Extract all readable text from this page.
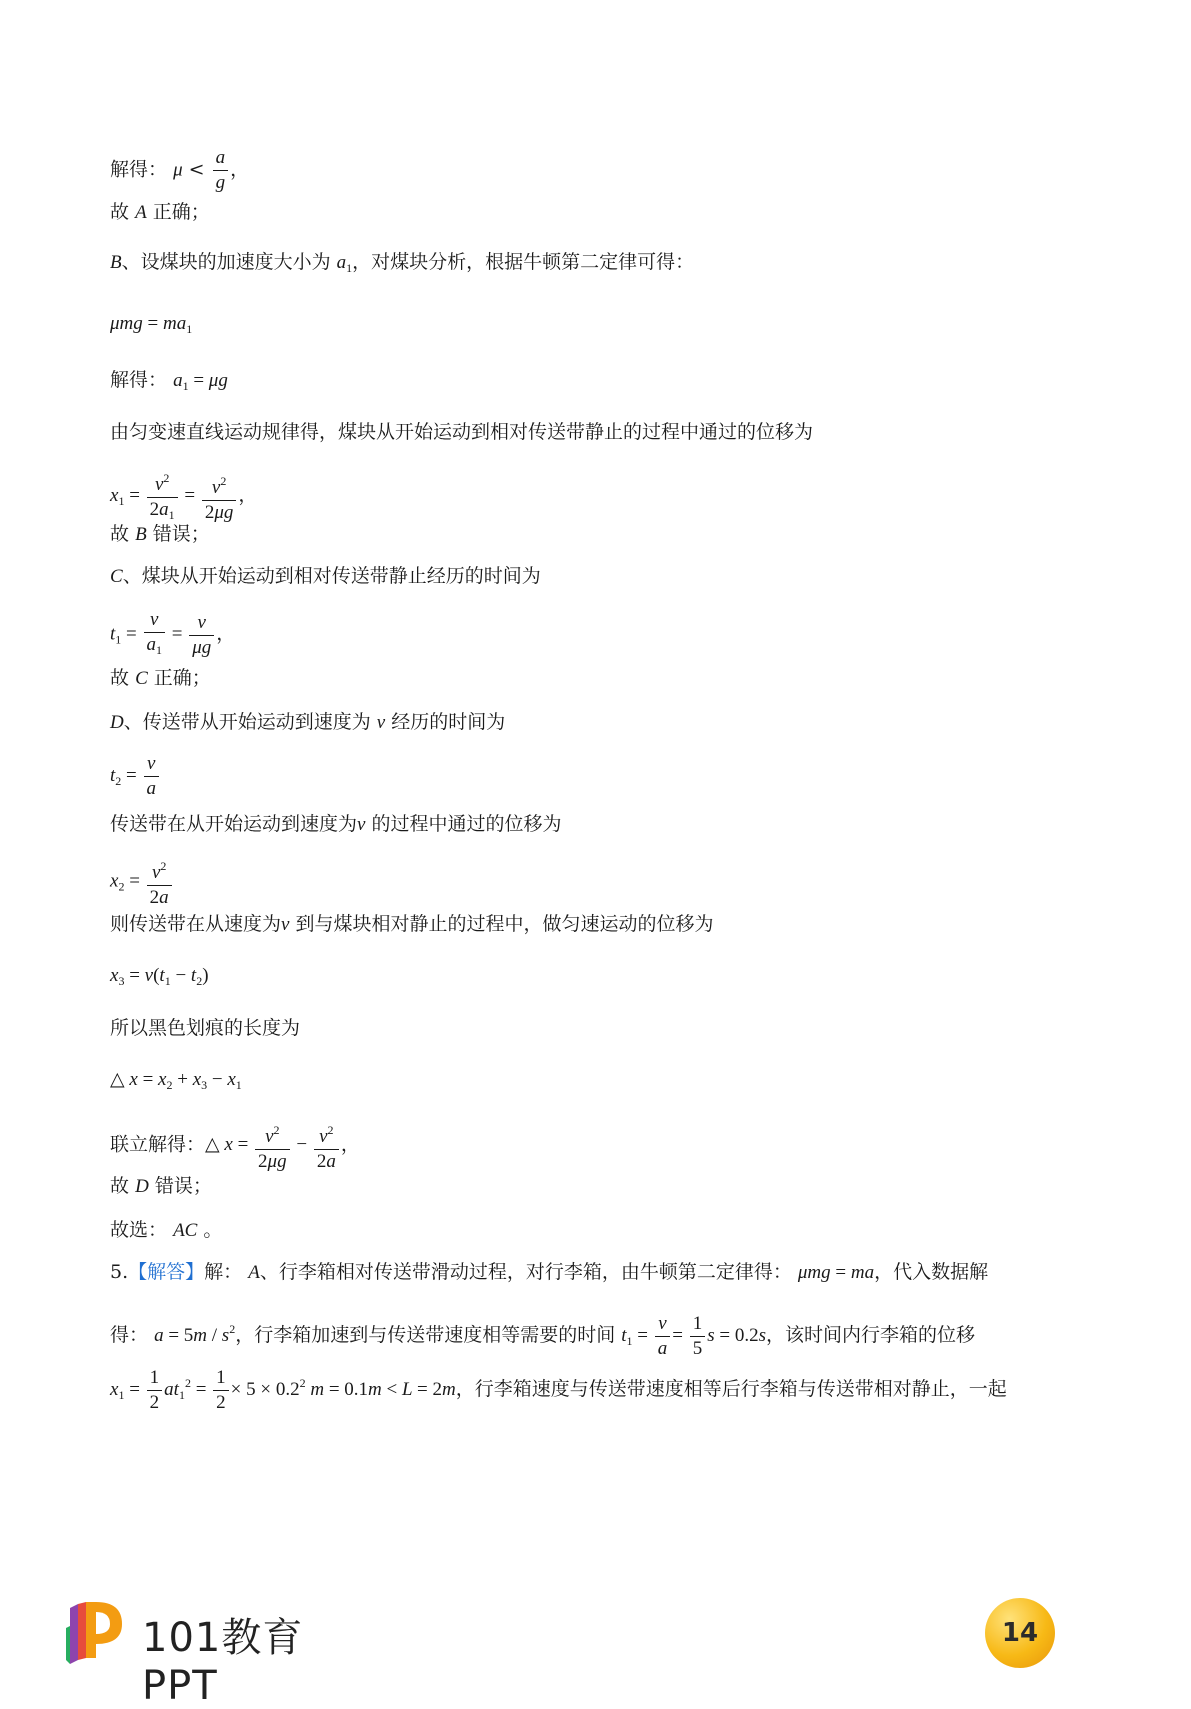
解得： $\mu < \frac{a}{g}$ ，
故 A 正确；
B、设煤块的加速度大小为 $a_1$，对煤块分析，根据牛顿第二定律可得：
$\mu mg = ma_1$
解得： $a_1 = \mu g$
由匀变速直线运动规律得，煤块从开始运动到相对传送带静止的过程中通过的位移为
$x_1 = \frac{v^2}{2a_1} = \frac{v^2}{2\mu g}$ ，
故 B 错误；
C、煤块从开始运动到相对传送带静止经历的时间为
$t_1 = \frac{v}{a_1} = \frac{v}{\mu g}$ ，
故 C 正确；
D、传送带从开始运动到速度为 v 经历的时间为
$t_2 = \frac{v}{a}$
传送带在从开始运动到速度为v 的过程中通过的位移为
$x_2 = \frac{v^2}{2a}$
则传送带在从速度为v 到与煤块相对静止的过程中，做匀速运动的位移为
$x_3 = v(t_1 - t_2)$
所以黑色划痕的长度为
△ $x = x_2 + x_3 - x_1$
联立解得：△ $x = \frac{v^2}{2\mu g} - \frac{v^2}{2a}$ ，
故 D 错误；
故选： AC 。
5.【解答】解： A、行李箱相对传送带滑动过程，对行李箱，由牛顿第二定律得： μmg = ma，代入数据解
得： $a = 5m / s^2$，行李箱加速到与传送带速度相等需要的时间 $t_1 = \frac{v}{a} = \frac{1}{5}$ s = 0.2s，该时间内行李箱的位移
$x_1 = \frac{1}{2} at_1^2 = \frac{1}{2} \times 5 \times 0.2^2$ m = 0.1m < L = 2m，行李箱速度与传送带速度相等后行李箱与传送带相对静止，一起
101教育PPT
14
